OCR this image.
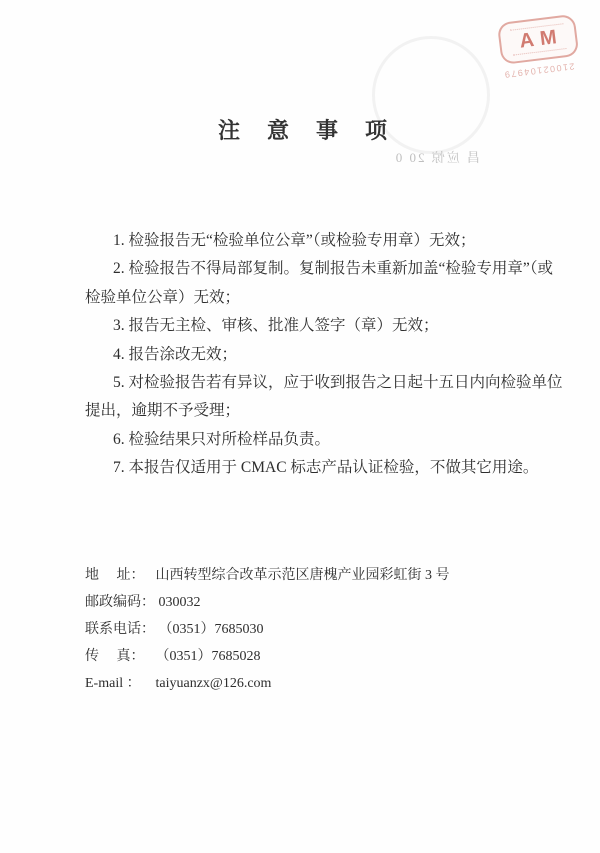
注意事项
昌 应惊 20 0
AM
21002104979
1. 检验报告无“检验单位公章”（或检验专用章）无效；
2. 检验报告不得局部复制。复制报告未重新加盖“检验专用章”（或
检验单位公章）无效；
3. 报告无主检、审核、批准人签字（章）无效；
4. 报告涂改无效；
5. 对检验报告若有异议，应于收到报告之日起十五日内向检验单位
提出，逾期不予受理；
6. 检验结果只对所检样品负责。
7. 本报告仅适用于 CMAC 标志产品认证检验，不做其它用途。
地　 址： 山西转型综合改革示范区唐槐产业园彩虹街 3 号
邮政编码： 030032
联系电话： （0351）7685030
传　 真： （0351）7685028
E-mail ： taiyuanzx@126.com
